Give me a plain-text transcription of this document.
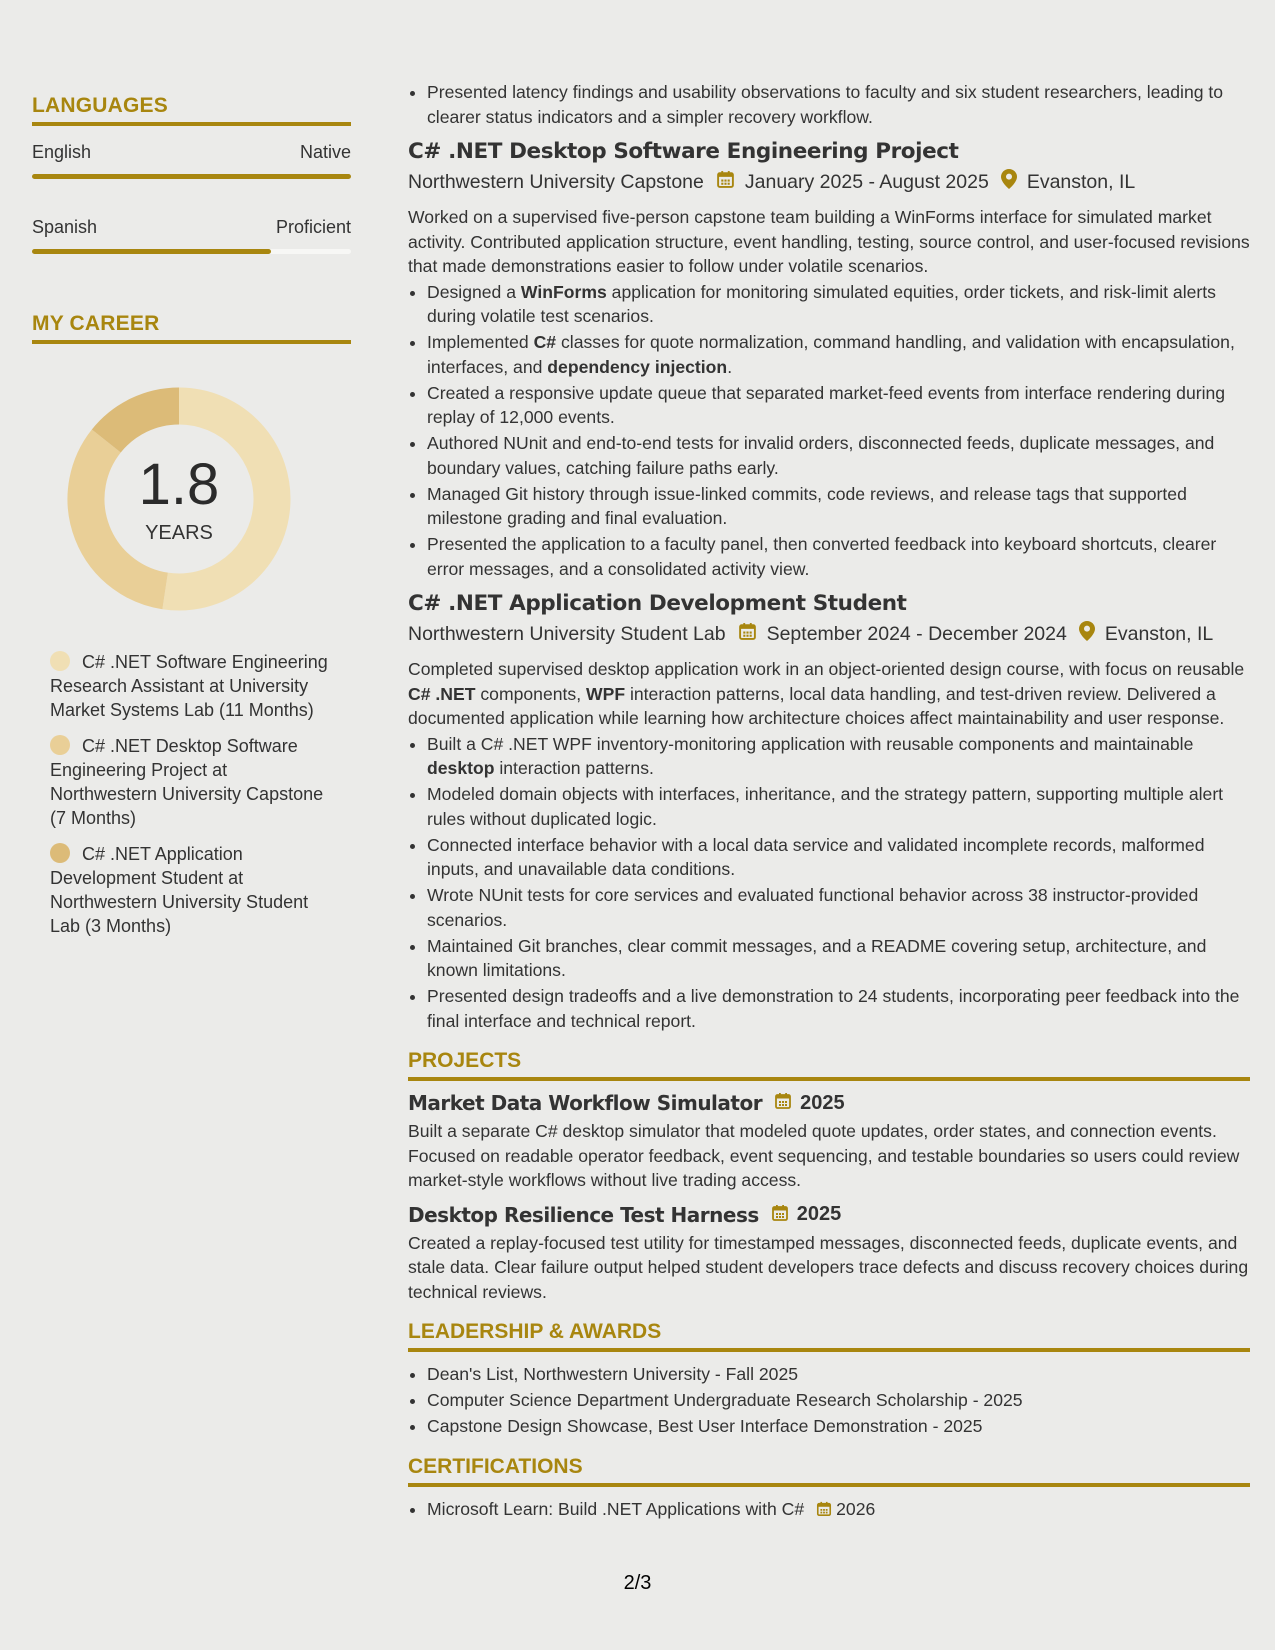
LANGUAGES
English	Native
Spanish	Proficient
MY CAREER
1.8
YEARS
C# .NET Software Engineering Research Assistant at University Market Systems Lab (11 Months)
C# .NET Desktop Software Engineering Project at Northwestern University Capstone (7 Months)
C# .NET Application Development Student at Northwestern University Student Lab (3 Months)
• Presented latency findings and usability observations to faculty and six student researchers, leading to clearer status indicators and a simpler recovery workflow.
C# .NET Desktop Software Engineering Project
Northwestern University Capstone January 2025 - August 2025 Evanston, IL
Worked on a supervised five-person capstone team building a WinForms interface for simulated market activity. Contributed application structure, event handling, testing, source control, and user-focused revisions that made demonstrations easier to follow under volatile scenarios.
• Designed a WinForms application for monitoring simulated equities, order tickets, and risk-limit alerts during volatile test scenarios.
• Implemented C# classes for quote normalization, command handling, and validation with encapsulation, interfaces, and dependency injection.
• Created a responsive update queue that separated market-feed events from interface rendering during replay of 12,000 events.
• Authored NUnit and end-to-end tests for invalid orders, disconnected feeds, duplicate messages, and boundary values, catching failure paths early.
• Managed Git history through issue-linked commits, code reviews, and release tags that supported milestone grading and final evaluation.
• Presented the application to a faculty panel, then converted feedback into keyboard shortcuts, clearer error messages, and a consolidated activity view.
C# .NET Application Development Student
Northwestern University Student Lab September 2024 - December 2024 Evanston, IL
Completed supervised desktop application work in an object-oriented design course, with focus on reusable C# .NET components, WPF interaction patterns, local data handling, and test-driven review. Delivered a documented application while learning how architecture choices affect maintainability and user response.
• Built a C# .NET WPF inventory-monitoring application with reusable components and maintainable desktop interaction patterns.
• Modeled domain objects with interfaces, inheritance, and the strategy pattern, supporting multiple alert rules without duplicated logic.
• Connected interface behavior with a local data service and validated incomplete records, malformed inputs, and unavailable data conditions.
• Wrote NUnit tests for core services and evaluated functional behavior across 38 instructor-provided scenarios.
• Maintained Git branches, clear commit messages, and a README covering setup, architecture, and known limitations.
• Presented design tradeoffs and a live demonstration to 24 students, incorporating peer feedback into the final interface and technical report.
PROJECTS
Market Data Workflow Simulator 2025
Built a separate C# desktop simulator that modeled quote updates, order states, and connection events. Focused on readable operator feedback, event sequencing, and testable boundaries so users could review market-style workflows without live trading access.
Desktop Resilience Test Harness 2025
Created a replay-focused test utility for timestamped messages, disconnected feeds, duplicate events, and stale data. Clear failure output helped student developers trace defects and discuss recovery choices during technical reviews.
LEADERSHIP & AWARDS
• Dean's List, Northwestern University - Fall 2025
• Computer Science Department Undergraduate Research Scholarship - 2025
• Capstone Design Showcase, Best User Interface Demonstration - 2025
CERTIFICATIONS
• Microsoft Learn: Build .NET Applications with C# 2026
2/3
